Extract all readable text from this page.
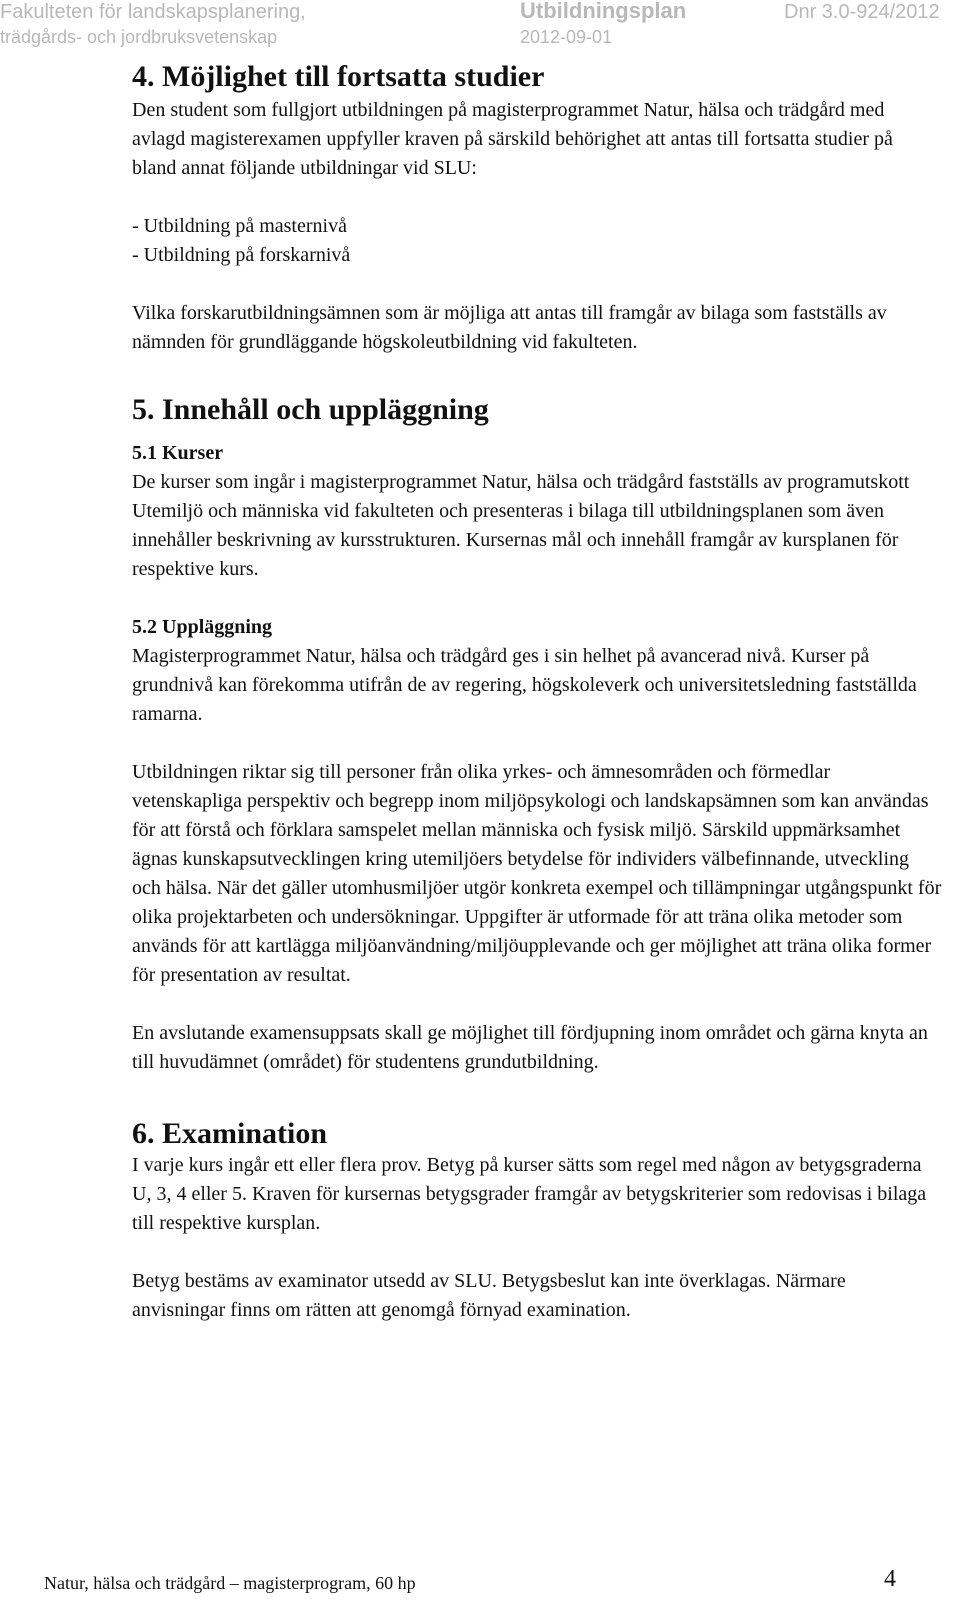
Fakulteten för landskapsplanering,
trädgårds- och jordbruksvetenskap
Utbildningsplan
2012-09-01
Dnr 3.0-924/2012
4. Möjlighet till fortsatta studier

Den student som fullgjort utbildningen på magisterprogrammet Natur, hälsa och trädgård med avlagd magisterexamen uppfyller kraven på särskild behörighet att antas till fortsatta studier på bland annat följande utbildningar vid SLU:

- Utbildning på masternivå

- Utbildning på forskarnivå

Vilka forskarutbildningsämnen som är möjliga att antas till framgår av bilaga som fastställs av nämnden för grundläggande högskoleutbildning vid fakulteten.

5. Innehåll och uppläggning
5.1 Kurser

De kurser som ingår i magisterprogrammet Natur, hälsa och trädgård fastställs av programutskott Utemiljö och människa vid fakulteten och presenteras i bilaga till utbildningsplanen som även innehåller beskrivning av kursstrukturen. Kursernas mål och innehåll framgår av kursplanen för respektive kurs.

5.2 Uppläggning

Magisterprogrammet Natur, hälsa och trädgård ges i sin helhet på avancerad nivå. Kurser på grundnivå kan förekomma utifrån de av regering, högskoleverk och universitetsledning fastställda ramarna.

Utbildningen riktar sig till personer från olika yrkes- och ämnesområden och förmedlar vetenskapliga perspektiv och begrepp inom miljöpsykologi och landskapsämnen som kan användas för att förstå och förklara samspelet mellan människa och fysisk miljö. Särskild uppmärksamhet ägnas kunskapsutvecklingen kring utemiljöers betydelse för individers välbefinnande, utveckling och hälsa. När det gäller utomhusmiljöer utgör konkreta exempel och tillämpningar utgångspunkt för olika projektarbeten och undersökningar. Uppgifter är utformade för att träna olika metoder som används för att kartlägga miljöanvändning/miljöupplevande och ger möjlighet att träna olika former för presentation av resultat.

En avslutande examensuppsats skall ge möjlighet till fördjupning inom området och gärna knyta an till huvudämnet (området) för studentens grundutbildning.

6. Examination

I varje kurs ingår ett eller flera prov. Betyg på kurser sätts som regel med någon av betygsgraderna U, 3, 4 eller 5. Kraven för kursernas betygsgrader framgår av betygskriterier som redovisas i bilaga till respektive kursplan.

Betyg bestäms av examinator utsedd av SLU. Betygsbeslut kan inte överklagas. Närmare anvisningar finns om rätten att genomgå förnyad examination.

Natur, hälsa och trädgård – magisterprogram, 60 hp	4
